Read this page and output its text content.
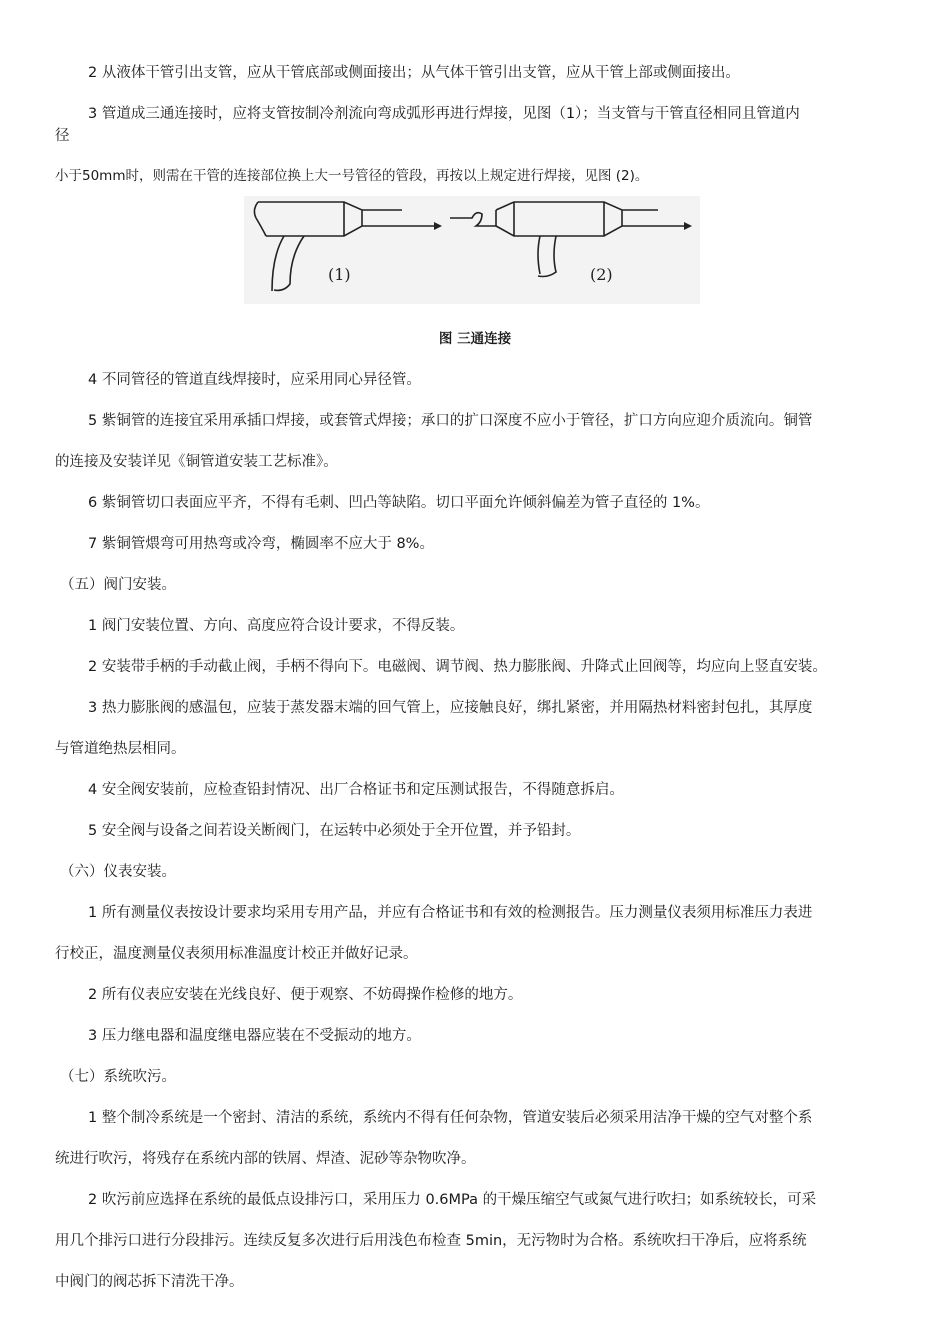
2 从液体干管引出支管，应从干管底部或侧面接出；从气体干管引出支管，应从干管上部或侧面接出。
3 管道成三通连接时，应将支管按制冷剂流向弯成弧形再进行焊接，见图（1）；当支管与干管直径相同且管道内
径
小于50mm时，则需在干管的连接部位换上大一号管径的管段，再按以上规定进行焊接，见图 (2)。
(1)	(2)
图 三通连接
4 不同管径的管道直线焊接时，应采用同心异径管。
5 紫铜管的连接宜采用承插口焊接，或套管式焊接；承口的扩口深度不应小于管径，扩口方向应迎介质流向。铜管
的连接及安装详见《铜管道安装工艺标准》。
6 紫铜管切口表面应平齐，不得有毛刺、凹凸等缺陷。切口平面允许倾斜偏差为管子直径的 1%。
7 紫铜管煨弯可用热弯或冷弯，椭圆率不应大于 8%。
（五）阀门安装。
1 阀门安装位置、方向、高度应符合设计要求，不得反装。
2 安装带手柄的手动截止阀，手柄不得向下。电磁阀、调节阀、热力膨胀阀、升降式止回阀等，均应向上竖直安装。
3 热力膨胀阀的感温包，应装于蒸发器末端的回气管上，应接触良好，绑扎紧密，并用隔热材料密封包扎，其厚度
与管道绝热层相同。
4 安全阀安装前，应检查铅封情况、出厂合格证书和定压测试报告，不得随意拆启。
5 安全阀与设备之间若设关断阀门，在运转中必须处于全开位置，并予铅封。
（六）仪表安装。
1 所有测量仪表按设计要求均采用专用产品，并应有合格证书和有效的检测报告。压力测量仪表须用标准压力表进
行校正，温度测量仪表须用标准温度计校正并做好记录。
2 所有仪表应安装在光线良好、便于观察、不妨碍操作检修的地方。
3 压力继电器和温度继电器应装在不受振动的地方。
（七）系统吹污。
1 整个制冷系统是一个密封、清洁的系统，系统内不得有任何杂物，管道安装后必须采用洁净干燥的空气对整个系
统进行吹污，将残存在系统内部的铁屑、焊渣、泥砂等杂物吹净。
2 吹污前应选择在系统的最低点设排污口，采用压力 0.6MPa 的干燥压缩空气或氮气进行吹扫；如系统较长，可采
用几个排污口进行分段排污。连续反复多次进行后用浅色布检查 5min，无污物时为合格。系统吹扫干净后，应将系统
中阀门的阀芯拆下清洗干净。
